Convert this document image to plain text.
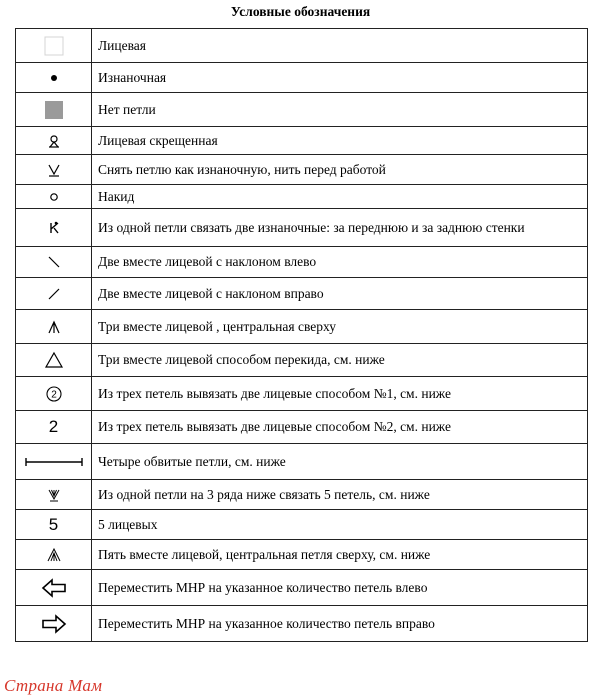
Условные обозначения
	Лицевая

	Изнаночная

	Нет петли

	Лицевая скрещенная

	Снять петлю как изнаночную, нить перед работой

	Накид

	Из одной петли связать две изнаночные: за переднюю и за заднюю стенки

	Две вместе лицевой с наклоном влево

	Две вместе лицевой с наклоном вправо

	Три вместе лицевой , центральная сверху

	Три вместе лицевой способом перекида, см. ниже

2	Из трех петель вывязать две лицевые способом №1, см. ниже

2	Из трех петель вывязать две лицевые способом №2, см. ниже

	Четыре обвитые петли, см. ниже

	Из одной петли на 3 ряда ниже связать 5 петель, см. ниже

5	5 лицевых

	Пять вместе лицевой, центральная петля сверху, см. ниже

	Переместить МНР на указанное количество петель влево

	Переместить МНР на указанное количество петель вправо
Страна Мам
